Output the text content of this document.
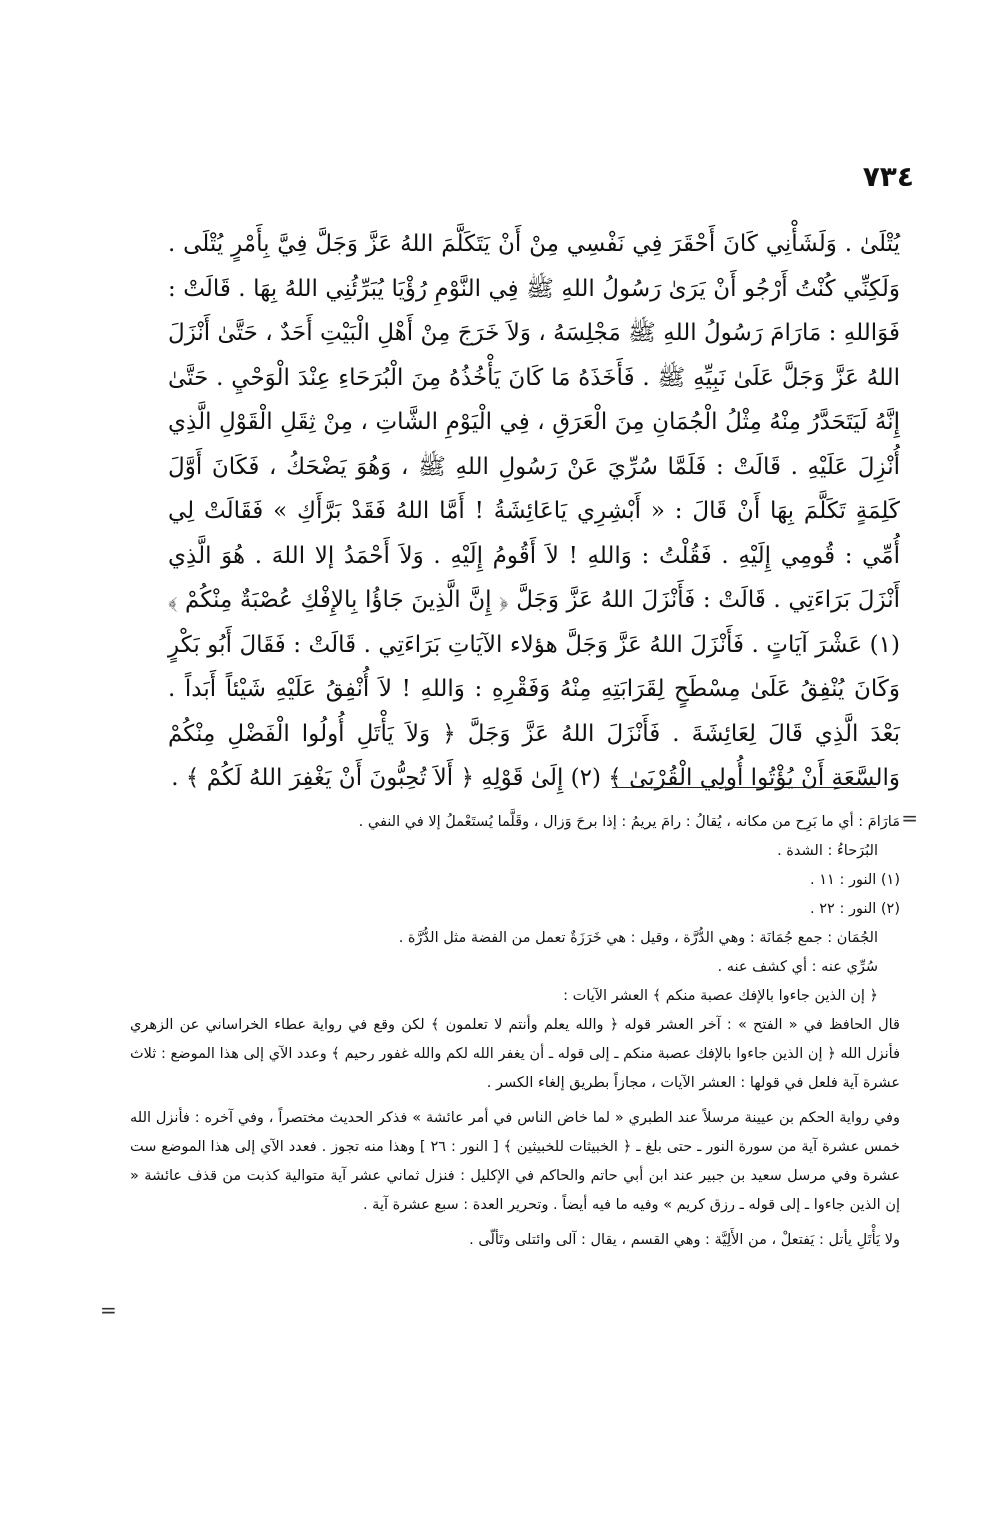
٧٣٤

يُتْلَىٰ . وَلَشَأْنِي كَانَ أَحْقَرَ فِي نَفْسِي مِنْ أَنْ يَتَكَلَّمَ اللهُ عَزَّ وَجَلَّ فِيَّ بِأَمْرٍ يُتْلَى . وَلَكِنِّي كُنْتُ أَرْجُو أَنْ يَرَىٰ رَسُولُ اللهِ ﷺ فِي النَّوْمِ رُؤْيَا يُبَرِّئُنِي اللهُ بِهَا . قَالَتْ : فَوَاللهِ : مَارَامَ رَسُولُ اللهِ ﷺ مَجْلِسَهُ ، وَلاَ خَرَجَ مِنْ أَهْلِ الْبَيْتِ أَحَدٌ ، حَتَّىٰ أَنْزَلَ اللهُ عَزَّ وَجَلَّ عَلَىٰ نَبِيِّهِ ﷺ . فَأَخَذَهُ مَا كَانَ يَأْخُذُهُ مِنَ الْبُرَحَاءِ عِنْدَ الْوَحْيِ . حَتَّىٰ إِنَّهُ لَيَتَحَدَّرُ مِنْهُ مِثْلُ الْجُمَانِ مِنَ الْعَرَقِ ، فِي الْيَوْمِ الشَّاتِ ، مِنْ ثِقَلِ الْقَوْلِ الَّذِي أُنْزِلَ عَلَيْهِ . قَالَتْ : فَلَمَّا سُرِّيَ عَنْ رَسُولِ اللهِ ﷺ ، وَهُوَ يَضْحَكُ ، فَكَانَ أَوَّلَ كَلِمَةٍ تَكَلَّمَ بِهَا أَنْ قَالَ : « أَبْشِرِي يَاعَائِشَةُ ! أَمَّا اللهُ فَقَدْ بَرَّأَكِ » فَقَالَتْ لِي أُمِّي : قُومِي إِلَيْهِ . فَقُلْتُ : وَاللهِ ! لاَ أَقُومُ إِلَيْهِ . وَلاَ أَحْمَدُ إلا اللهَ . هُوَ الَّذِي أَنْزَلَ بَرَاءَتِي . قَالَتْ : فَأَنْزَلَ اللهُ عَزَّ وَجَلَّ ﴿ إِنَّ الَّذِينَ جَاؤُا بِالإِفْكِ عُصْبَةٌ مِنْكُمْ ﴾ (١) عَشْرَ آيَاتٍ . فَأَنْزَلَ اللهُ عَزَّ وَجَلَّ هؤلاء الآيَاتِ بَرَاءَتِي . قَالَتْ : فَقَالَ أَبُو بَكْرٍ وَكَانَ يُنْفِقُ عَلَىٰ مِسْطَحٍ لِقَرَابَتِهِ مِنْهُ وَفَقْرِهِ : وَاللهِ ! لاَ أُنْفِقُ عَلَيْهِ شَيْئاً أَبَداً . بَعْدَ الَّذِي قَالَ لِعَائِشَةَ . فَأَنْزَلَ اللهُ عَزَّ وَجَلَّ ﴿ وَلاَ يَأْتَلِ أُولُوا الْفَضْلِ مِنْكُمْ وَالسَّعَةِ أَنْ يُؤْتُوا أُولِي الْقُرْبَىٰ ﴾ (٢) إِلَىٰ قَوْلِهِ ﴿ أَلاَ تُحِبُّونَ أَنْ يَغْفِرَ اللهُ لَكُمْ ﴾ .

=

مَارَامَ : أي ما بَرِح من مكانه ، يُقالُ : رامَ يريمُ : إذا برحَ وَزال ، وقَلَّما يُستَعْملُ إلا في النفي .

البُرَحاءُ : الشدة .

(١) النور : ١١ .

(٢) النور : ٢٢ .

الجُمَان : جمع جُمَانَة : وهي الدُّرَّة ، وقيل : هي خَرَزَةٌ تعمل من الفضة مثل الدُّرَّة .

سُرِّي عنه : أي كشف عنه .

﴿ إن الذين جاءوا بالإفك عصبة منكم ﴾ العشر الآيات :

قال الحافظ في « الفتح » : آخر العشر قوله ﴿ والله يعلم وأنتم لا تعلمون ﴾ لكن وقع في رواية عطاء الخراساني عن الزهري فأنزل الله ﴿ إن الذين جاءوا بالإفك عصبة منكم ـ إلى قوله ـ أن يغفر الله لكم والله غفور رحيم ﴾ وعدد الآي إلى هذا الموضع : ثلاث عشرة آية فلعل في قولها : العشر الآيات ، مجازاً بطريق إلغاء الكسر .

وفي رواية الحكم بن عيينة مرسلاً عند الطبري « لما خاض الناس في أمر عائشة » فذكر الحديث مختصراً ، وفي آخره : فأنزل الله خمس عشرة آية من سورة النور ـ حتى بلغ ـ ﴿ الخبيثات للخبيثين ﴾ [ النور : ٢٦ ] وهذا منه تجوز . فعدد الآي إلى هذا الموضع ست عشرة وفي مرسل سعيد بن جبير عند ابن أبي حاتم والحاكم في الإكليل : فنزل ثماني عشر آية متوالية كذبت من قذف عائشة « إن الذين جاءوا ـ إلى قوله ـ رزق كريم » وفيه ما فيه أيضاً . وتحرير العدة : سبع عشرة آية .

ولا يَأْتَلِ يأتل : يَفتعلْ ، من الأَلِيَّة : وهي القسم ، يقال : آلى وائتلى وتَألّى .

=
